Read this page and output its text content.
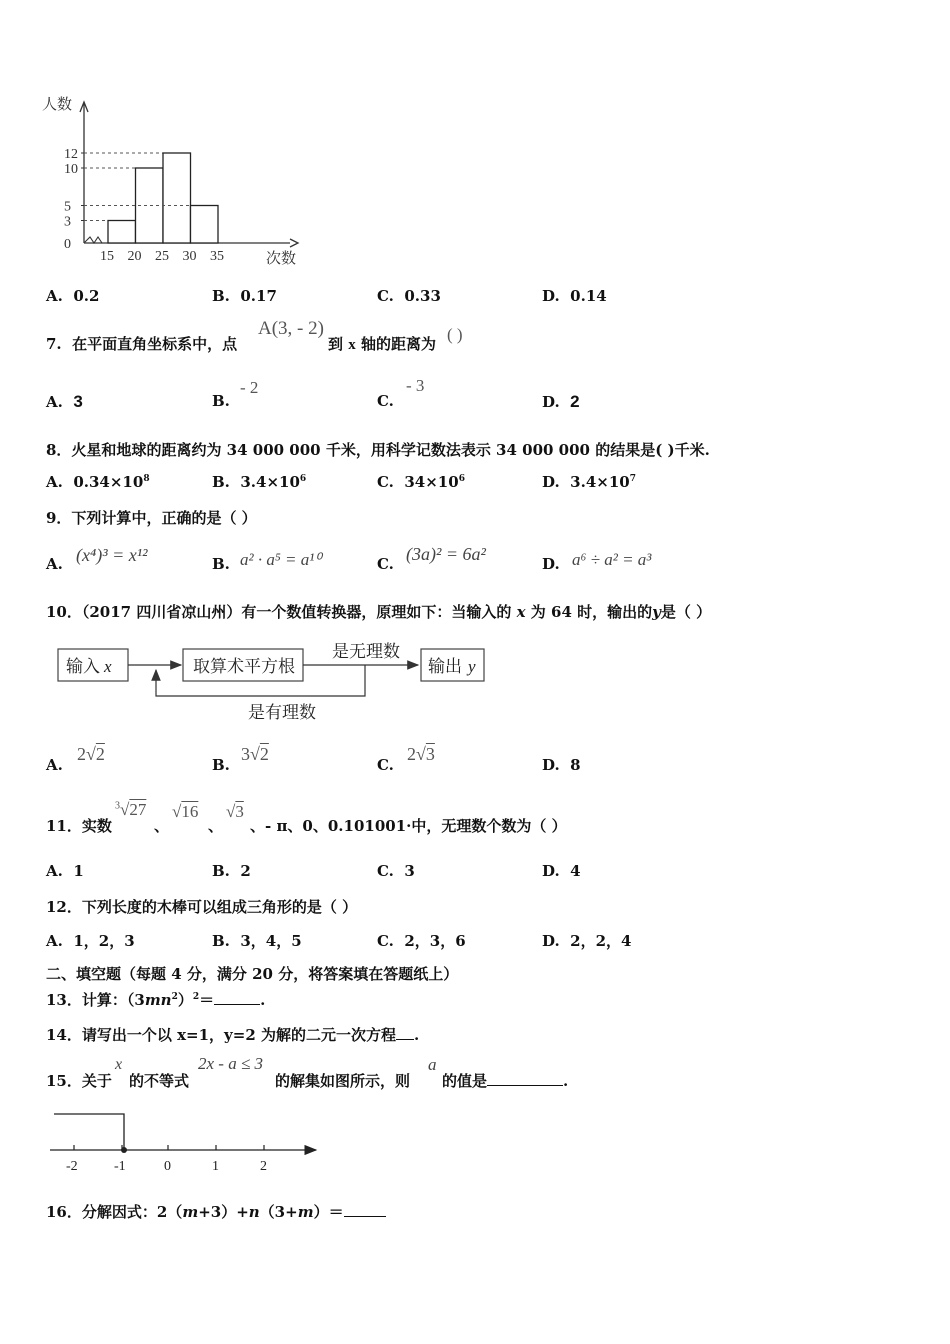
人数
次数
12
10
5
3
0
15 20 25 30 35
A. 0.2	B. 0.17	C. 0.33	D. 0.14
7. 在平面直角坐标系中，点
A(3, - 2)
到 x 轴的距离为 ( )
A. 3	B.
- 2
C.
- 3
D. 2
8．火星和地球的距离约为 34 000 000 千米，用科学记数法表示 34 000 000 的结果是( )千米.
A. $0.34\times 10^8$	B. $3.4\times 10^6$	C. $34\times 10^6$	D. $3.4\times 10^7$
9．下列计算中，正确的是（ ）
A. (x⁴)³ = x¹²	B. a² · a⁵ = a¹⁰	C. (3a)² = 6a²	D. a⁶ ÷ a² = a³
10．（2017 四川省凉山州）有一个数值转换器，原理如下：当输入的 x 为 64 时，输出的y是（ ）
输入 x	取算术平方根
是无理数
输出 y
是有理数
A.
2√2
B.
3√2
C.
2√3
D. 8
11．实数
$^3$√27
、
√16
、
√3
、- π、0、0.101001·中，无理数个数为（ ）
A. 1	B. 2	C. 3	D. 4
12．下列长度的木棒可以组成三角形的是（ ）
A. 1，2，3	B. 3，4，5	C. 2，3，6	D. 2，2，4
二、填空题（每题 4 分，满分 20 分，将答案填在答题纸上）
13．计算：$(3mn^2)^2=$	.
14．请写出一个以 x=1，y=2 为解的二元一次方程 .
15．关于
x
的不等式
2x - a ≤ 3
的解集如图所示，则
a
的值是	.
-2	-1	0	1	2
16．分解因式：2（m+3）+n（3+m）＝
